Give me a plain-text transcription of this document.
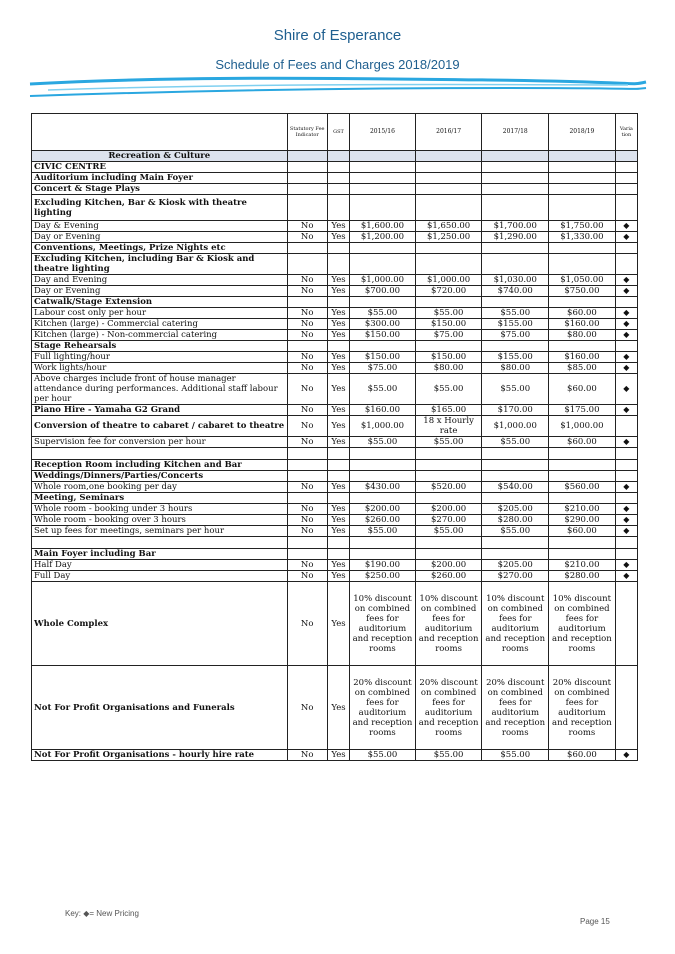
Shire of Esperance
Schedule of Fees and Charges 2018/2019
	Statutory Fee Indicator	GST	2015/16	2016/17	2017/18	2018/19	Varia tion
Recreation & Culture							
CIVIC CENTRE							
Auditorium including Main Foyer							
Concert & Stage Plays							
Excluding Kitchen, Bar & Kiosk with theatre lighting							
Day & Evening	No	Yes	$1,600.00	$1,650.00	$1,700.00	$1,750.00	◆
Day or Evening	No	Yes	$1,200.00	$1,250.00	$1,290.00	$1,330.00	◆
Conventions, Meetings, Prize Nights etc							
Excluding Kitchen, including Bar & Kiosk and theatre lighting							
Day and Evening	No	Yes	$1,000.00	$1,000.00	$1,030.00	$1,050.00	◆
Day or Evening	No	Yes	$700.00	$720.00	$740.00	$750.00	◆
Catwalk/Stage Extension							
Labour cost only per hour	No	Yes	$55.00	$55.00	$55.00	$60.00	◆
Kitchen (large) - Commercial catering	No	Yes	$300.00	$150.00	$155.00	$160.00	◆
Kitchen (large) - Non-commercial catering	No	Yes	$150.00	$75.00	$75.00	$80.00	◆
Stage Rehearsals							
Full lighting/hour	No	Yes	$150.00	$150.00	$155.00	$160.00	◆
Work lights/hour	No	Yes	$75.00	$80.00	$80.00	$85.00	◆
Above charges include front of house manager attendance during performances. Additional staff labour per hour	No	Yes	$55.00	$55.00	$55.00	$60.00	◆
Piano Hire - Yamaha G2 Grand	No	Yes	$160.00	$165.00	$170.00	$175.00	◆
Conversion of theatre to cabaret / cabaret to theatre	No	Yes	$1,000.00	18 x Hourly rate	$1,000.00	$1,000.00	
Supervision fee for conversion per hour	No	Yes	$55.00	$55.00	$55.00	$60.00	◆

Reception Room including Kitchen and Bar							
Weddings/Dinners/Parties/Concerts							
Whole room,one booking per day	No	Yes	$430.00	$520.00	$540.00	$560.00	◆
Meeting, Seminars							
Whole room - booking under 3 hours	No	Yes	$200.00	$200.00	$205.00	$210.00	◆
Whole room - booking over 3 hours	No	Yes	$260.00	$270.00	$280.00	$290.00	◆
Set up fees for meetings, seminars per hour	No	Yes	$55.00	$55.00	$55.00	$60.00	◆

Main Foyer including Bar							
Half Day	No	Yes	$190.00	$200.00	$205.00	$210.00	◆
Full Day	No	Yes	$250.00	$260.00	$270.00	$280.00	◆
Whole Complex	No	Yes	10% discount on combined fees for auditorium and reception rooms	10% discount on combined fees for auditorium and reception rooms	10% discount on combined fees for auditorium and reception rooms	10% discount on combined fees for auditorium and reception rooms	
Not For Profit Organisations and Funerals	No	Yes	20% discount on combined fees for auditorium and reception rooms	20% discount on combined fees for auditorium and reception rooms	20% discount on combined fees for auditorium and reception rooms	20% discount on combined fees for auditorium and reception rooms	
Not For Profit Organisations - hourly hire rate	No	Yes	$55.00	$55.00	$55.00	$60.00	◆
Key: ◆= New Pricing
Page 15
